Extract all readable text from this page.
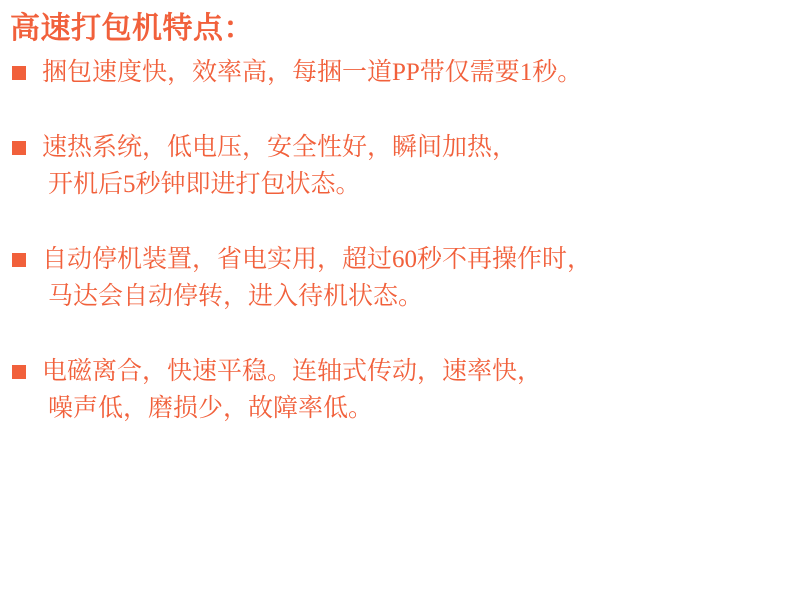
高速打包机特点：
捆包速度快，效率高，每捆一道PP带仅需要1秒。
速热系统，低电压，安全性好，瞬间加热，
开机后5秒钟即进打包状态。
自动停机装置，省电实用，超过60秒不再操作时，
马达会自动停转，进入待机状态。
电磁离合，快速平稳。连轴式传动，速率快，
噪声低，磨损少，故障率低。
